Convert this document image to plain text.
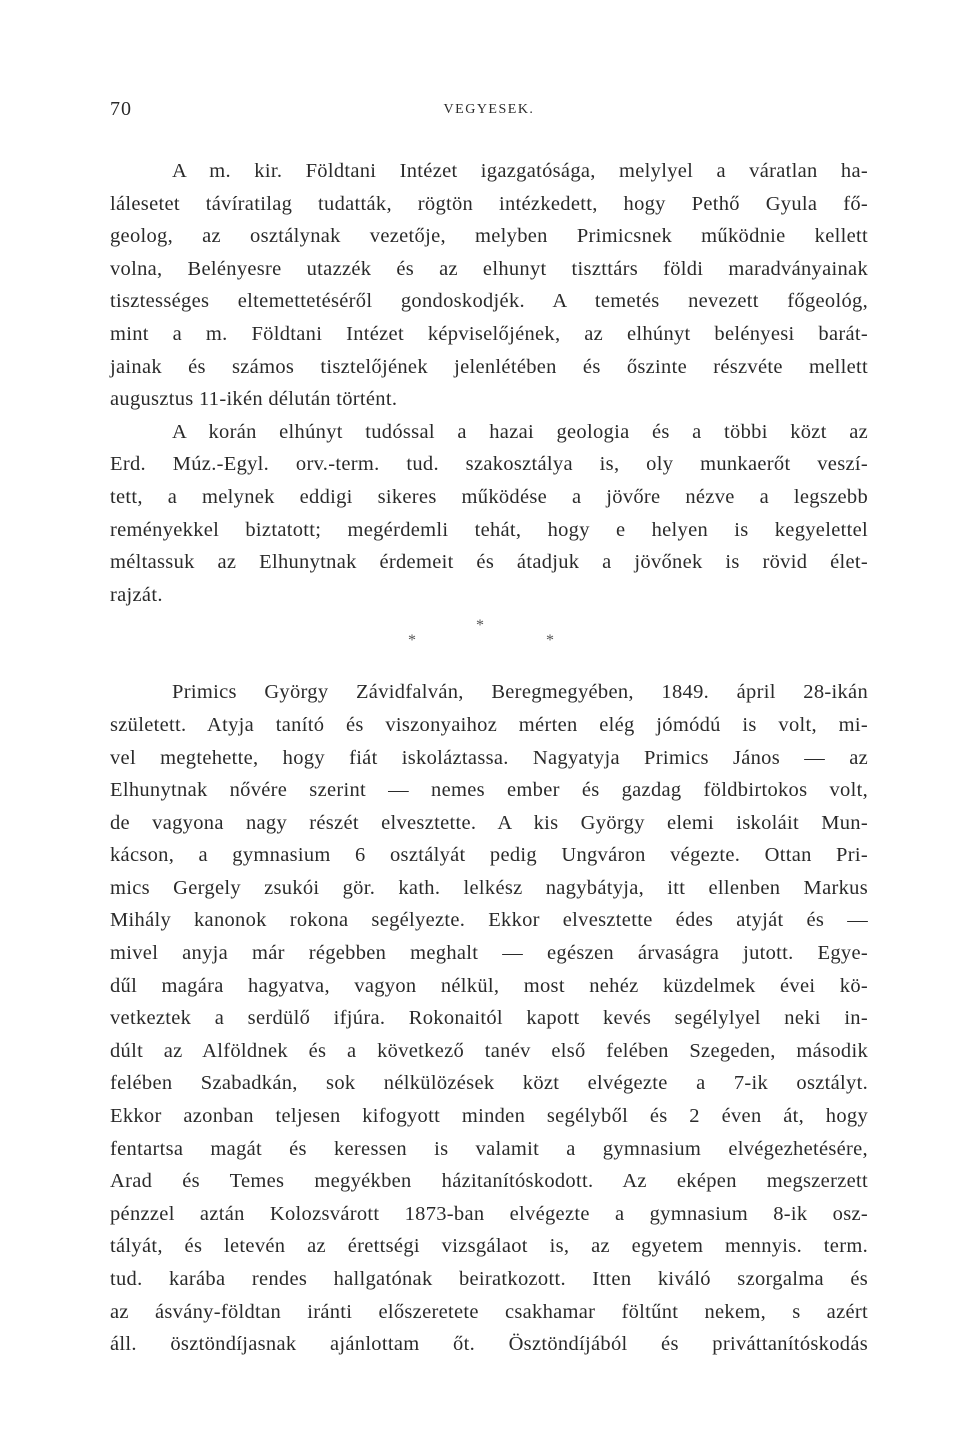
70	VEGYESEK.
A m. kir. Földtani Intézet igazgatósága, melylyel a váratlan ha-
lálesetet távíratilag tudatták, rögtön intézkedett, hogy Pethő Gyula fő-
geolog, az osztálynak vezetője, melyben Primicsnek működnie kellett
volna, Belényesre utazzék és az elhunyt tiszttárs földi maradványainak
tisztességes eltemettetéséről gondoskodjék. A temetés nevezett főgeológ,
mint a m. Földtani Intézet képviselőjének, az elhúnyt belényesi barát-
jainak és számos tisztelőjének jelenlétében és őszinte részvéte mellett
augusztus 11-ikén délután történt.
A korán elhúnyt tudóssal a hazai geologia és a többi közt az
Erd. Múz.-Egyl. orv.-term. tud. szakosztálya is, oly munkaerőt veszí-
tett, a melynek eddigi sikeres működése a jövőre nézve a legszebb
reményekkel biztatott; megérdemli tehát, hogy e helyen is kegyelettel
méltassuk az Elhunytnak érdemeit és átadjuk a jövőnek is rövid élet-
rajzát.
*
*
*
Primics György Závidfalván, Beregmegyében, 1849. ápril 28-ikán
született. Atyja tanító és viszonyaihoz mérten elég jómódú is volt, mi-
vel megtehette, hogy fiát iskoláztassa. Nagyatyja Primics János — az
Elhunytnak nővére szerint — nemes ember és gazdag földbirtokos volt,
de vagyona nagy részét elvesztette. A kis György elemi iskoláit Mun-
kácson, a gymnasium 6 osztályát pedig Ungváron végezte. Ottan Pri-
mics Gergely zsukói gör. kath. lelkész nagybátyja, itt ellenben Markus
Mihály kanonok rokona segélyezte. Ekkor elvesztette édes atyját és —
mivel anyja már régebben meghalt — egészen árvaságra jutott. Egye-
dűl magára hagyatva, vagyon nélkül, most nehéz küzdelmek évei kö-
vetkeztek a serdülő ifjúra. Rokonaitól kapott kevés segélylyel neki in-
dúlt az Alföldnek és a következő tanév első felében Szegeden, második
felében Szabadkán, sok nélkülözések közt elvégezte a 7-ik osztályt.
Ekkor azonban teljesen kifogyott minden segélyből és 2 éven át, hogy
fentartsa magát és keressen is valamit a gymnasium elvégezhetésére,
Arad és Temes megyékben házitanítóskodott. Az eképen megszerzett
pénzzel aztán Kolozsvárott 1873-ban elvégezte a gymnasium 8-ik osz-
tályát, és letevén az érettségi vizsgálaot is, az egyetem mennyis. term.
tud. karába rendes hallgatónak beiratkozott. Itten kiváló szorgalma és
az ásvány-földtan iránti előszeretete csakhamar föltűnt nekem, s azért
áll. ösztöndíjasnak ajánlottam őt. Ösztöndíjából és priváttanítóskodás
